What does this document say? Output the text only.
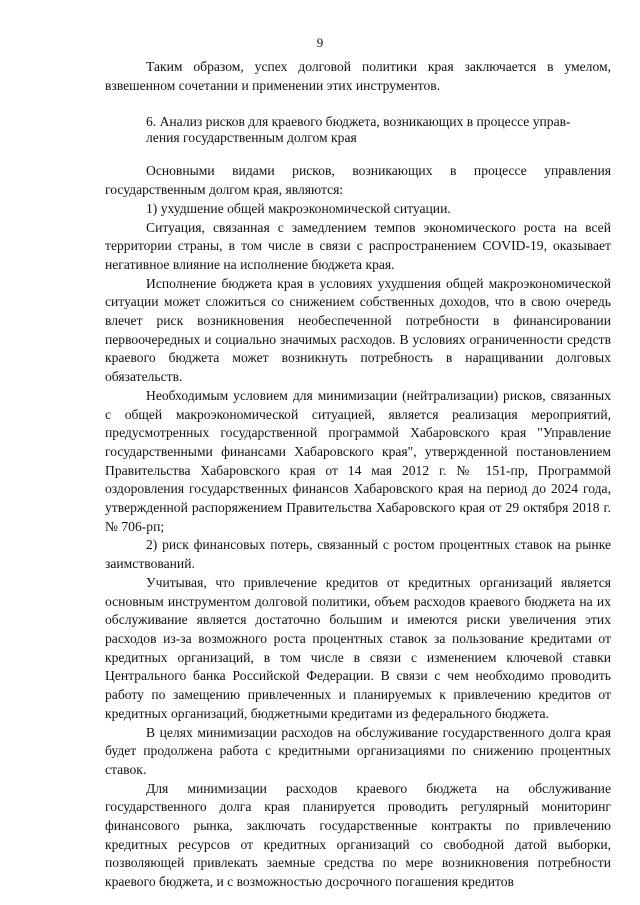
9

Таким образом, успех долговой политики края заключается в умелом, взвешенном сочетании и применении этих инструментов.

6. Анализ рисков для краевого бюджета, возникающих в процессе управ-
ления государственным долгом края

Основными видами рисков, возникающих в процессе управления государственным долгом края, являются:

1) ухудшение общей макроэкономической ситуации.

Ситуация, связанная с замедлением темпов экономического роста на всей территории страны, в том числе в связи с распространением COVID-19, оказывает негативное влияние на исполнение бюджета края.

Исполнение бюджета края в условиях ухудшения общей макроэкономической ситуации может сложиться со снижением собственных доходов, что в свою очередь влечет риск возникновения необеспеченной потребности в финансировании первоочередных и социально значимых расходов. В условиях ограниченности средств краевого бюджета может возникнуть потребность в наращивании долговых обязательств.

Необходимым условием для минимизации (нейтрализации) рисков, связанных с общей макроэкономической ситуацией, является реализация мероприятий, предусмотренных государственной программой Хабаровского края "Управление государственными финансами Хабаровского края", утвержденной постановлением Правительства Хабаровского края от 14 мая 2012 г. № 151-пр, Программой оздоровления государственных финансов Хабаровского края на период до 2024 года, утвержденной распоряжением Правительства Хабаровского края от 29 октября 2018 г. № 706-рп;

2) риск финансовых потерь, связанный с ростом процентных ставок на рынке заимствований.

Учитывая, что привлечение кредитов от кредитных организаций является основным инструментом долговой политики, объем расходов краевого бюджета на их обслуживание является достаточно большим и имеются риски увеличения этих расходов из-за возможного роста процентных ставок за пользование кредитами от кредитных организаций, в том числе в связи с изменением ключевой ставки Центрального банка Российской Федерации. В связи с чем необходимо проводить работу по замещению привлеченных и планируемых к привлечению кредитов от кредитных организаций, бюджетными кредитами из федерального бюджета.

В целях минимизации расходов на обслуживание государственного долга края будет продолжена работа с кредитными организациями по снижению процентных ставок.

Для минимизации расходов краевого бюджета на обслуживание государственного долга края планируется проводить регулярный мониторинг финансового рынка, заключать государственные контракты по привлечению кредитных ресурсов от кредитных организаций со свободной датой выборки, позволяющей привлекать заемные средства по мере возникновения потребности краевого бюджета, и с возможностью досрочного погашения кредитов
